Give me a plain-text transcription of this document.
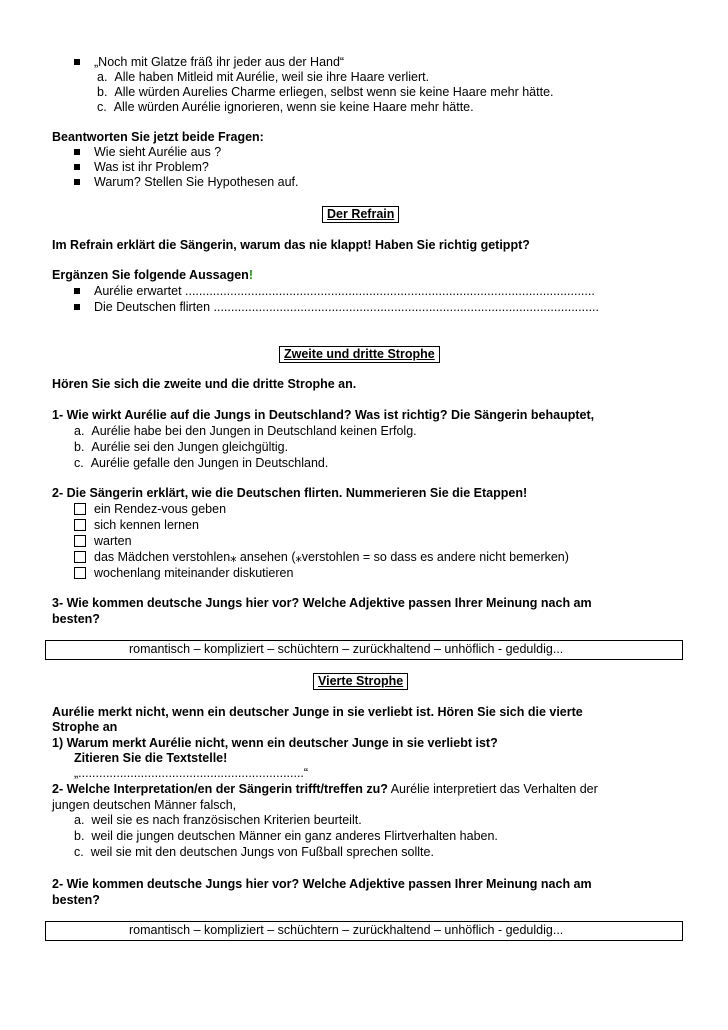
„Noch mit Glatze fräß ihr jeder aus der Hand“
a. Alle haben Mitleid mit Aurélie, weil sie ihre Haare verliert.
b. Alle würden Aurelies Charme erliegen, selbst wenn sie keine Haare mehr hätte.
c. Alle würden Aurélie ignorieren, wenn sie keine Haare mehr hätte.
Beantworten Sie jetzt beide Fragen:
Wie sieht Aurélie aus ?
Was ist ihr Problem?
Warum? Stellen Sie Hypothesen auf.
Der Refrain
Im Refrain erklärt die Sängerin, warum das nie klappt! Haben Sie richtig getippt?
Ergänzen Sie folgende Aussagen!
Aurélie erwartet ......................................................................................................................
Die Deutschen flirten ...............................................................................................................
Zweite und dritte Strophe
Hören Sie sich die zweite und die dritte Strophe an.
1- Wie wirkt Aurélie auf die Jungs in Deutschland? Was ist richtig? Die Sängerin behauptet,
a. Aurélie habe bei den Jungen in Deutschland keinen Erfolg.
b. Aurélie sei den Jungen gleichgültig.
c. Aurélie gefalle den Jungen in Deutschland.
2- Die Sängerin erklärt, wie die Deutschen flirten. Nummerieren Sie die Etappen!
ein Rendez-vous geben
sich kennen lernen
warten
das Mädchen verstohlen⁎ ansehen (⁎verstohlen = so dass es andere nicht bemerken)
wochenlang miteinander diskutieren
3- Wie kommen deutsche Jungs hier vor? Welche Adjektive passen Ihrer Meinung nach am
besten?
romantisch – kompliziert – schüchtern – zurückhaltend – unhöflich - geduldig...
Vierte Strophe
Aurélie merkt nicht, wenn ein deutscher Junge in sie verliebt ist. Hören Sie sich die vierte
Strophe an
1) Warum merkt Aurélie nicht, wenn ein deutscher Junge in sie verliebt ist?
Zitieren Sie die Textstelle!
„.................................................................“
2- Welche Interpretation/en der Sängerin trifft/treffen zu? Aurélie interpretiert das Verhalten der
jungen deutschen Männer falsch,
a. weil sie es nach französischen Kriterien beurteilt.
b. weil die jungen deutschen Männer ein ganz anderes Flirtverhalten haben.
c. weil sie mit den deutschen Jungs von Fußball sprechen sollte.
2- Wie kommen deutsche Jungs hier vor? Welche Adjektive passen Ihrer Meinung nach am
besten?
romantisch – kompliziert – schüchtern – zurückhaltend – unhöflich - geduldig...
